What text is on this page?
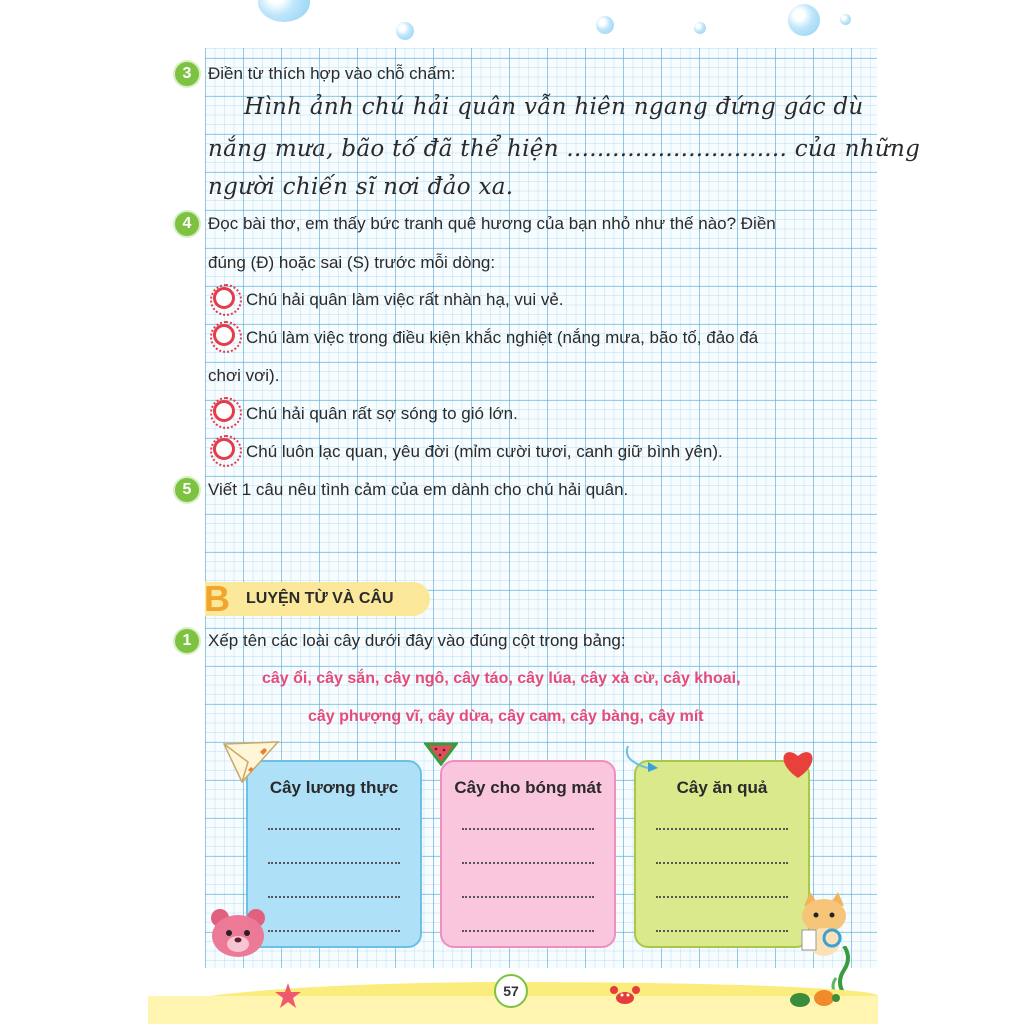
3 Điền từ thích hợp vào chỗ chấm:
Hình ảnh chú hải quân vẫn hiên ngang đứng gác dù
nắng mưa, bão tố đã thể hiện ............................. của những
người chiến sĩ nơi đảo xa.
4 Đọc bài thơ, em thấy bức tranh quê hương của bạn nhỏ như thế nào? Điền
đúng (Đ) hoặc sai (S) trước mỗi dòng:
Chú hải quân làm việc rất nhàn hạ, vui vẻ.
Chú làm việc trong điều kiện khắc nghiệt (nắng mưa, bão tố, đảo đá
chơi vơi).
Chú hải quân rất sợ sóng to gió lớn.
Chú luôn lạc quan, yêu đời (mỉm cười tươi, canh giữ bình yên).
5 Viết 1 câu nêu tình cảm của em dành cho chú hải quân.
B LUYỆN TỪ VÀ CÂU
1 Xếp tên các loài cây dưới đây vào đúng cột trong bảng:
cây ổi, cây sắn, cây ngô, cây táo, cây lúa, cây xà cừ, cây khoai,
cây phượng vĩ, cây dừa, cây cam, cây bàng, cây mít
Cây lương thực	Cây cho bóng mát	Cây ăn quả
57
